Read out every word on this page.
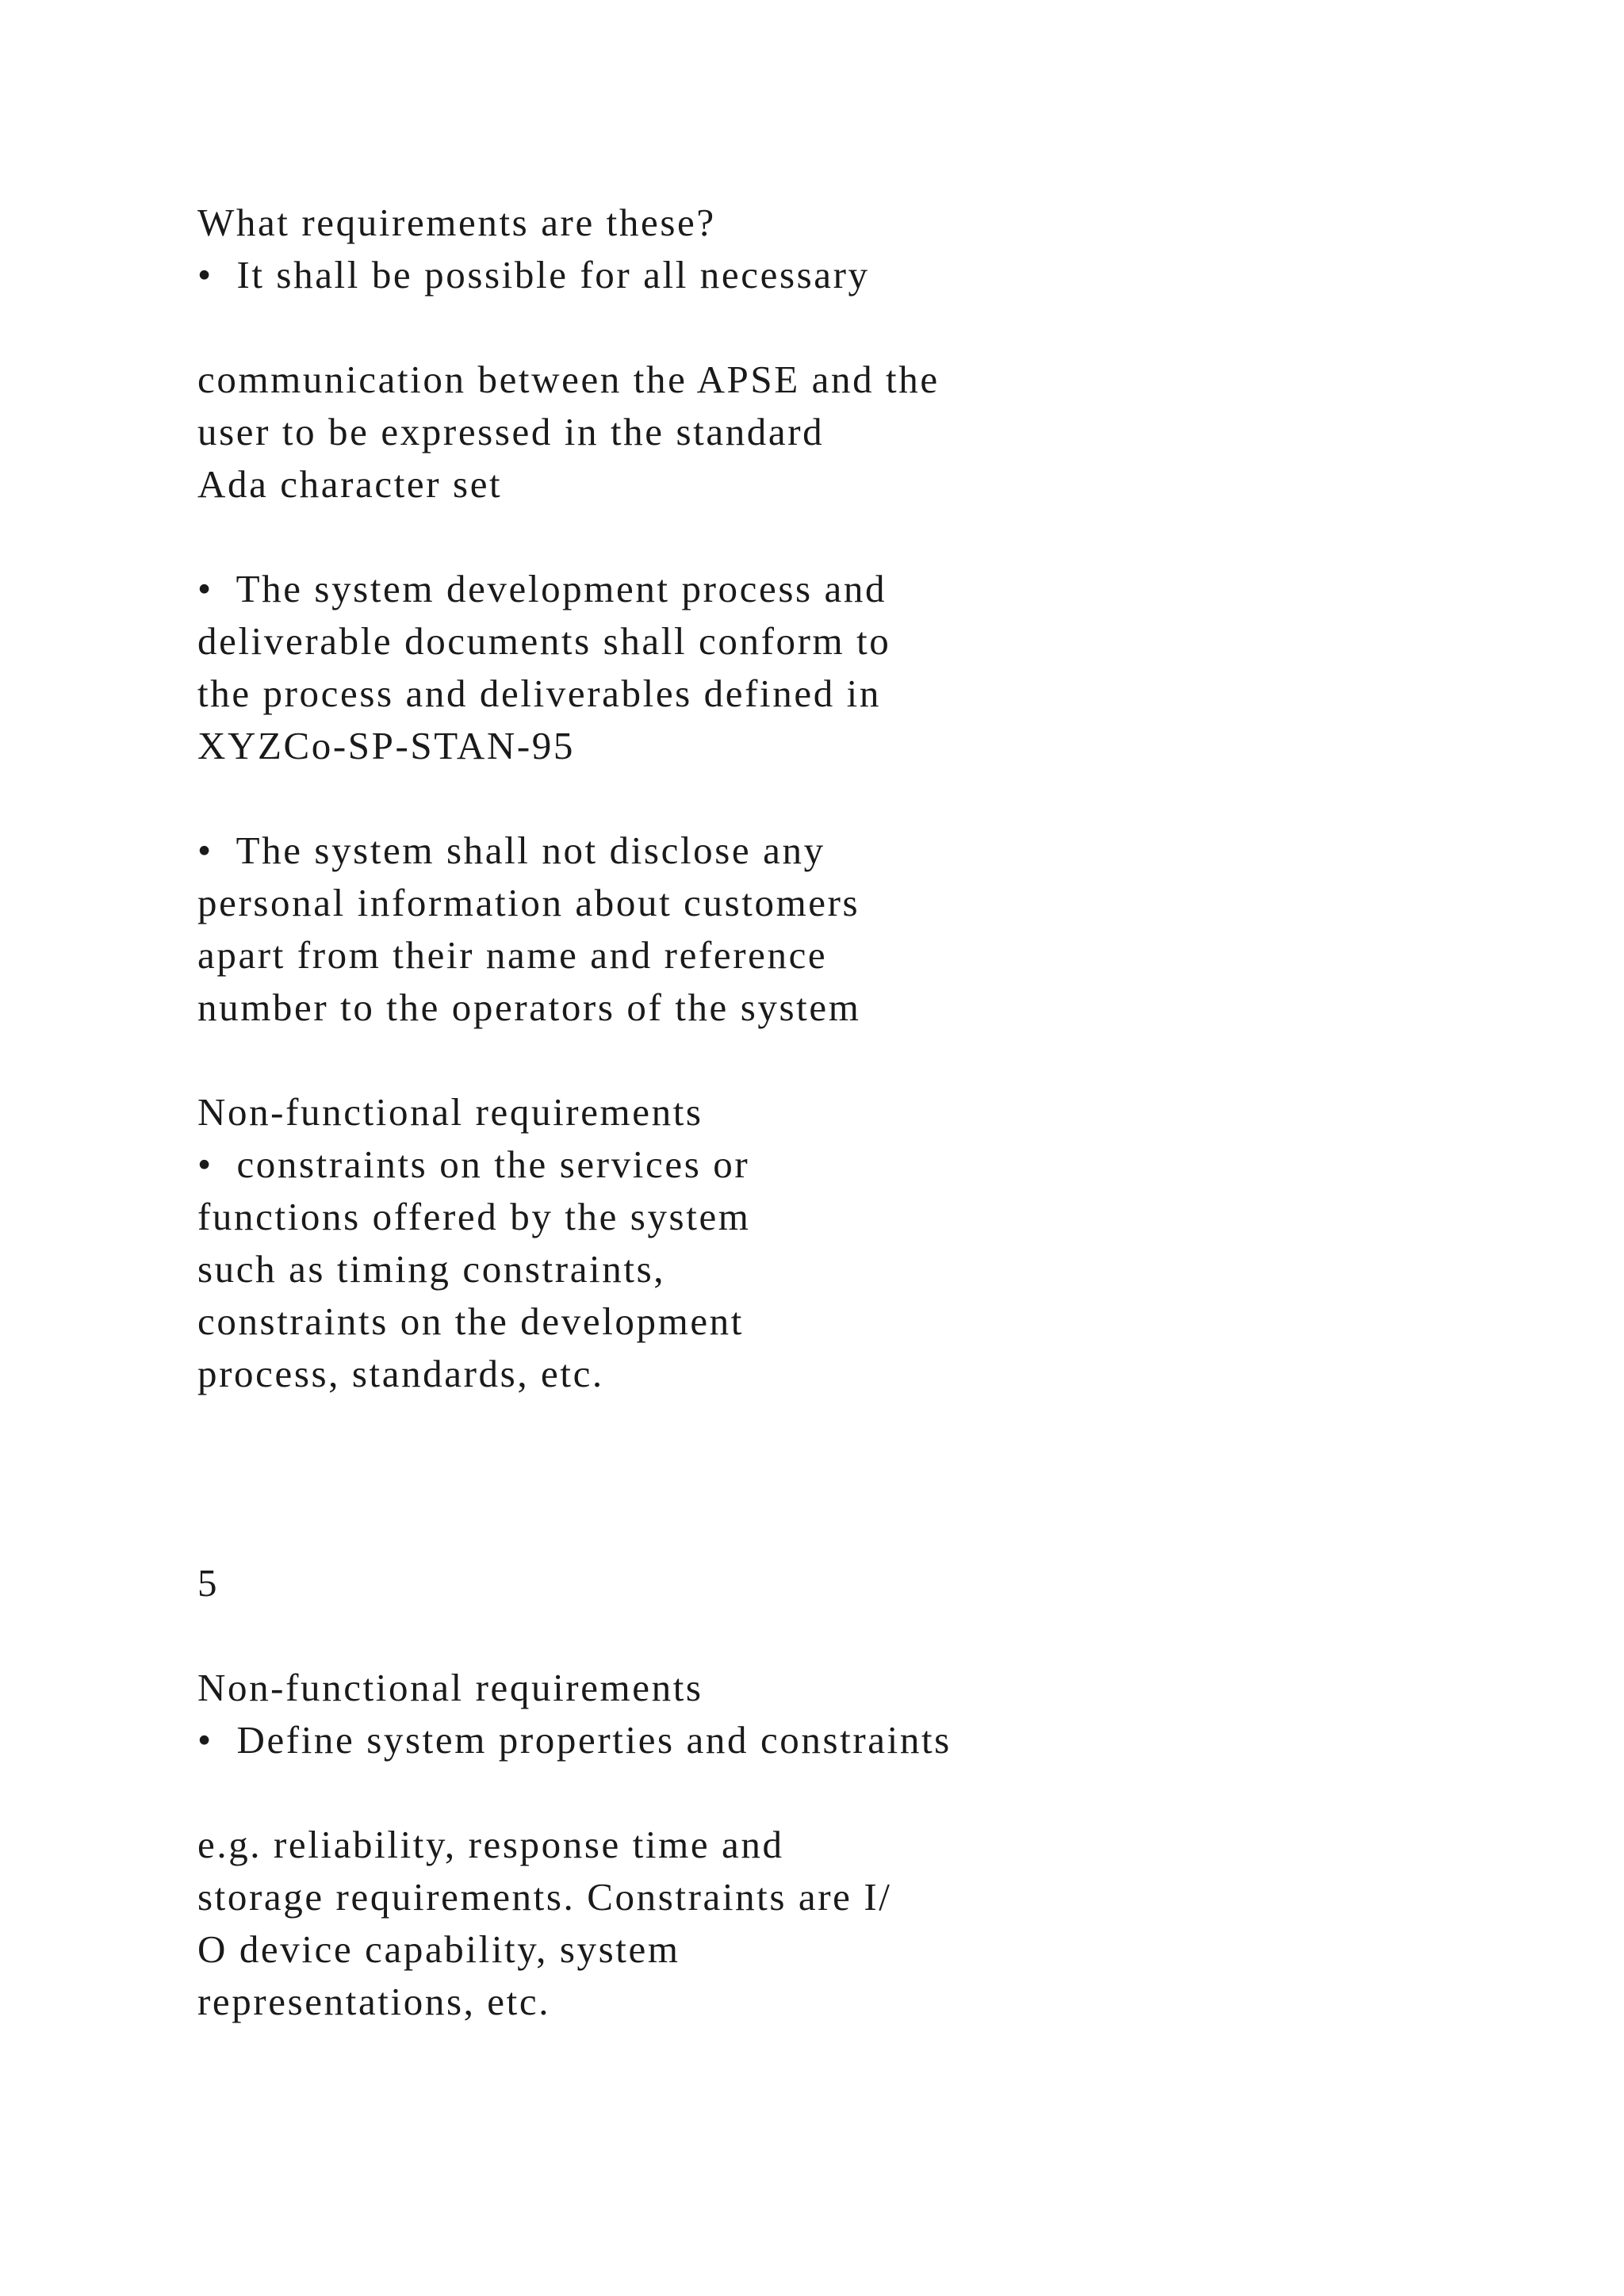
What requirements are these?

•  It shall be possible for all necessary

communication between the APSE and the

user to be expressed in the standard

Ada character set

•  The system development process and

deliverable documents shall conform to

the process and deliverables defined in

XYZCo-SP-STAN-95

•  The system shall not disclose any

personal information about customers

apart from their name and reference

number to the operators of the system

Non-functional requirements

•  constraints on the services or

functions offered by the system

such as timing constraints,

constraints on the development

process, standards, etc.

5

Non-functional requirements

•  Define system properties and constraints

e.g. reliability, response time and

storage requirements. Constraints are I/

O device capability, system

representations, etc.
